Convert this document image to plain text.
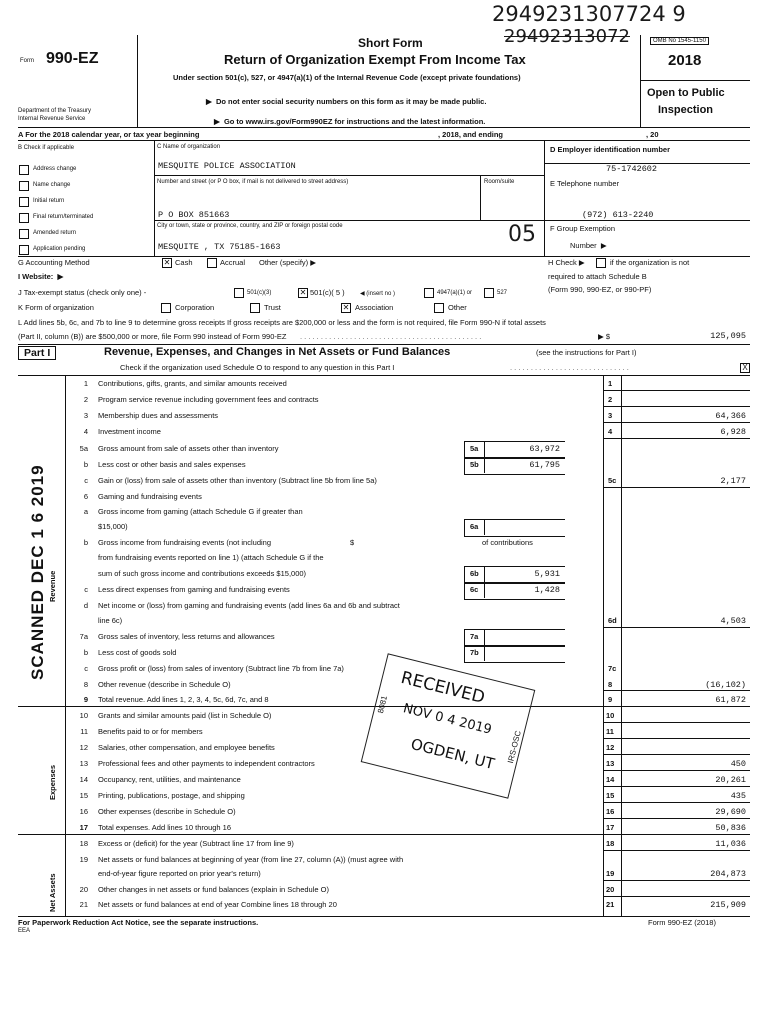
2949231307724 9
29492313072
Form 990-EZ
Department of the Treasury
Internal Revenue Service
Short Form
Return of Organization Exempt From Income Tax
Under section 501(c), 527, or 4947(a)(1) of the Internal Revenue Code (except private foundations)
▶  Do not enter social security numbers on this form as it may be made public.
▶  Go to www.irs.gov/Form990EZ for instructions and the latest information.
OMB No 1545-1150
2018
Open to Public
Inspection
A For the 2018 calendar year, or tax year beginning	, 2018, and ending	, 20
B Check if applicable
Address change
Name change
Initial return
Final return/terminated
Amended return
Application pending
C Name of organization
MESQUITE POLICE ASSOCIATION
Number and street (or P O box, if mail is not delivered to street address)	Room/suite
P O BOX 851663
City or town, state or province, country, and ZIP or foreign postal code
MESQUITE , TX 75185-1663	05
D Employer identification number
75-1742602
E Telephone number
(972) 613-2240
F Group Exemption
Number  ▶
G Accounting Method	✕ Cash	Accrual Other (specify) ▶	H Check ▶	if the organization is not
required to attach Schedule B
(Form 990, 990-EZ, or 990-PF)
I Website:  ▶
J Tax-exempt status (check only one) -	501(c)(3)	✕ 501(c)( 5 )	◀ (insert no )	4947(a)(1) or	527
K Form of organization	Corporation	Trust	✕ Association	Other
L Add lines 5b, 6c, and 7b to line 9 to determine gross receipts If gross receipts are $200,000 or less and the form is not required, file Form 990-N if total assets
(Part II, column (B)) are $500,000 or more, file Form 990 instead of Form 990-EZ . . . . . . . . . . . . . . . . . . . . . . . . . . . . . . . . . . . . . . . . . . . .	▶ $	125,095
Part I	Revenue, Expenses, and Changes in Net Assets or Fund Balances	(see the instructions for Part I)
Check if the organization used Schedule O to respond to any question in this Part I	. . . . . . . . . . . . . . . . . . . . . . . . . . . . .	X
1 Contributions, gifts, grants, and similar amounts received	1
2 Program service revenue including government fees and contracts	2
3 Membership dues and assessments	3	64,366
4 Investment income	4	6,928
5a Gross amount from sale of assets other than inventory	5a	63,972
b Less cost or other basis and sales expenses	5b	61,795
c Gain or (loss) from sale of assets other than inventory (Subtract line 5b from line 5a)	5c	2,177
6 Gaming and fundraising events
a Gross income from gaming (attach Schedule G if greater than
$15,000)	6a
b Gross income from fundraising events (not including	$	of contributions
from fundraising events reported on line 1) (attach Schedule G if the
sum of such gross income and contributions exceeds $15,000)	6b	5,931
c Less direct expenses from gaming and fundraising events	6c	1,428
d Net income or (loss) from gaming and fundraising events (add lines 6a and 6b and subtract
line 6c)	6d	4,503
7a Gross sales of inventory, less returns and allowances	7a
b Less cost of goods sold	7b
c Gross profit or (loss) from sales of inventory (Subtract line 7b from line 7a)	7c
8 Other revenue (describe in Schedule O)	8	(16,102)
9 Total revenue. Add lines 1, 2, 3, 4, 5c, 6d, 7c, and 8	9	61,872
10 Grants and similar amounts paid (list in Schedule O)	10
11 Benefits paid to or for members	11
12 Salaries, other compensation, and employee benefits	12
13 Professional fees and other payments to independent contractors	13	450
14 Occupancy, rent, utilities, and maintenance	14	20,261
15 Printing, publications, postage, and shipping	15	435
16 Other expenses (describe in Schedule O)	16	29,690
17 Total expenses. Add lines 10 through 16	17	50,836
18 Excess or (deficit) for the year (Subtract line 17 from line 9)	18	11,036
19 Net assets or fund balances at beginning of year (from line 27, column (A)) (must agree with
end-of-year figure reported on prior year's return)	19	204,873
20 Other changes in net assets or fund balances (explain in Schedule O)	20
21 Net assets or fund balances at end of year Combine lines 18 through 20	21	215,909
Revenue
Expenses
Net Assets
SCANNED DEC 1 6 2019
RECEIVED
NOV 0 4 2019
OGDEN, UT
8081
IRS-OSC
For Paperwork Reduction Act Notice, see the separate instructions.
EEA
Form 990-EZ (2018)
